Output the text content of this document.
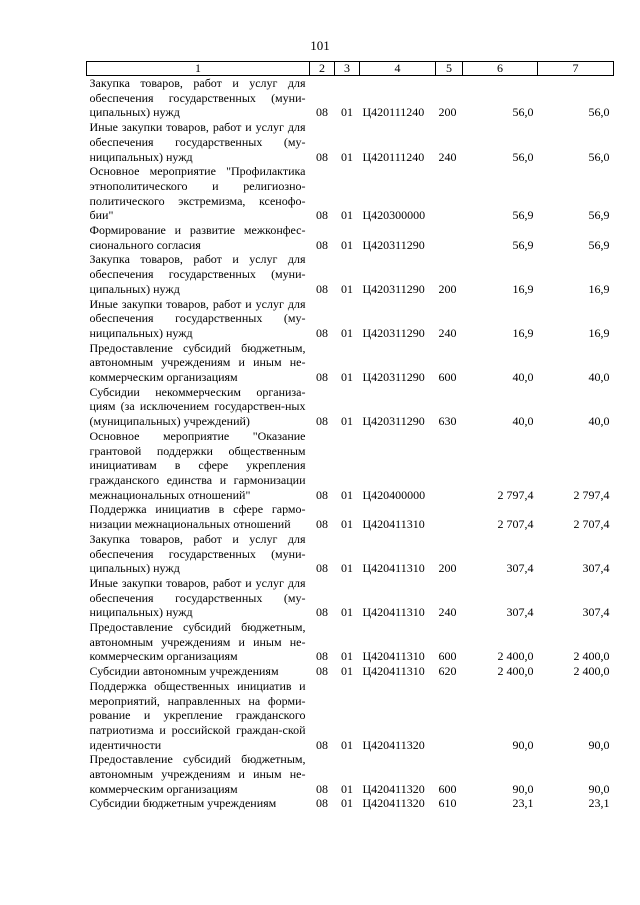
101
1	2	3	4	5	6	7
Закупка товаров, работ и услуг для обеспечения государственных (муни-ципальных) нужд	08	01	Ц420111240	200	56,0	56,0
Иные закупки товаров, работ и услуг для обеспечения государственных (му-ниципальных) нужд	08	01	Ц420111240	240	56,0	56,0
Основное мероприятие "Профилактика этнополитического и религиозно-политического экстремизма, ксенофо-бии"	08	01	Ц420300000		56,9	56,9
Формирование и развитие межконфес-сионального согласия	08	01	Ц420311290		56,9	56,9
Закупка товаров, работ и услуг для обеспечения государственных (муни-ципальных) нужд	08	01	Ц420311290	200	16,9	16,9
Иные закупки товаров, работ и услуг для обеспечения государственных (му-ниципальных) нужд	08	01	Ц420311290	240	16,9	16,9
Предоставление субсидий бюджетным, автономным учреждениям и иным не-коммерческим организациям	08	01	Ц420311290	600	40,0	40,0
Субсидии некоммерческим организа-циям (за исключением государствен-ных (муниципальных) учреждений)	08	01	Ц420311290	630	40,0	40,0
Основное мероприятие "Оказание грантовой поддержки общественным инициативам в сфере укрепления гражданского единства и гармонизации межнациональных отношений"	08	01	Ц420400000		2 797,4	2 797,4
Поддержка инициатив в сфере гармо-низации межнациональных отношений	08	01	Ц420411310		2 707,4	2 707,4
Закупка товаров, работ и услуг для обеспечения государственных (муни-ципальных) нужд	08	01	Ц420411310	200	307,4	307,4
Иные закупки товаров, работ и услуг для обеспечения государственных (му-ниципальных) нужд	08	01	Ц420411310	240	307,4	307,4
Предоставление субсидий бюджетным, автономным учреждениям и иным не-коммерческим организациям	08	01	Ц420411310	600	2 400,0	2 400,0
Субсидии автономным учреждениям	08	01	Ц420411310	620	2 400,0	2 400,0
Поддержка общественных инициатив и мероприятий, направленных на форми-рование и укрепление гражданского патриотизма и российской граждан-ской идентичности	08	01	Ц420411320		90,0	90,0
Предоставление субсидий бюджетным, автономным учреждениям и иным не-коммерческим организациям	08	01	Ц420411320	600	90,0	90,0
Субсидии бюджетным учреждениям	08	01	Ц420411320	610	23,1	23,1
